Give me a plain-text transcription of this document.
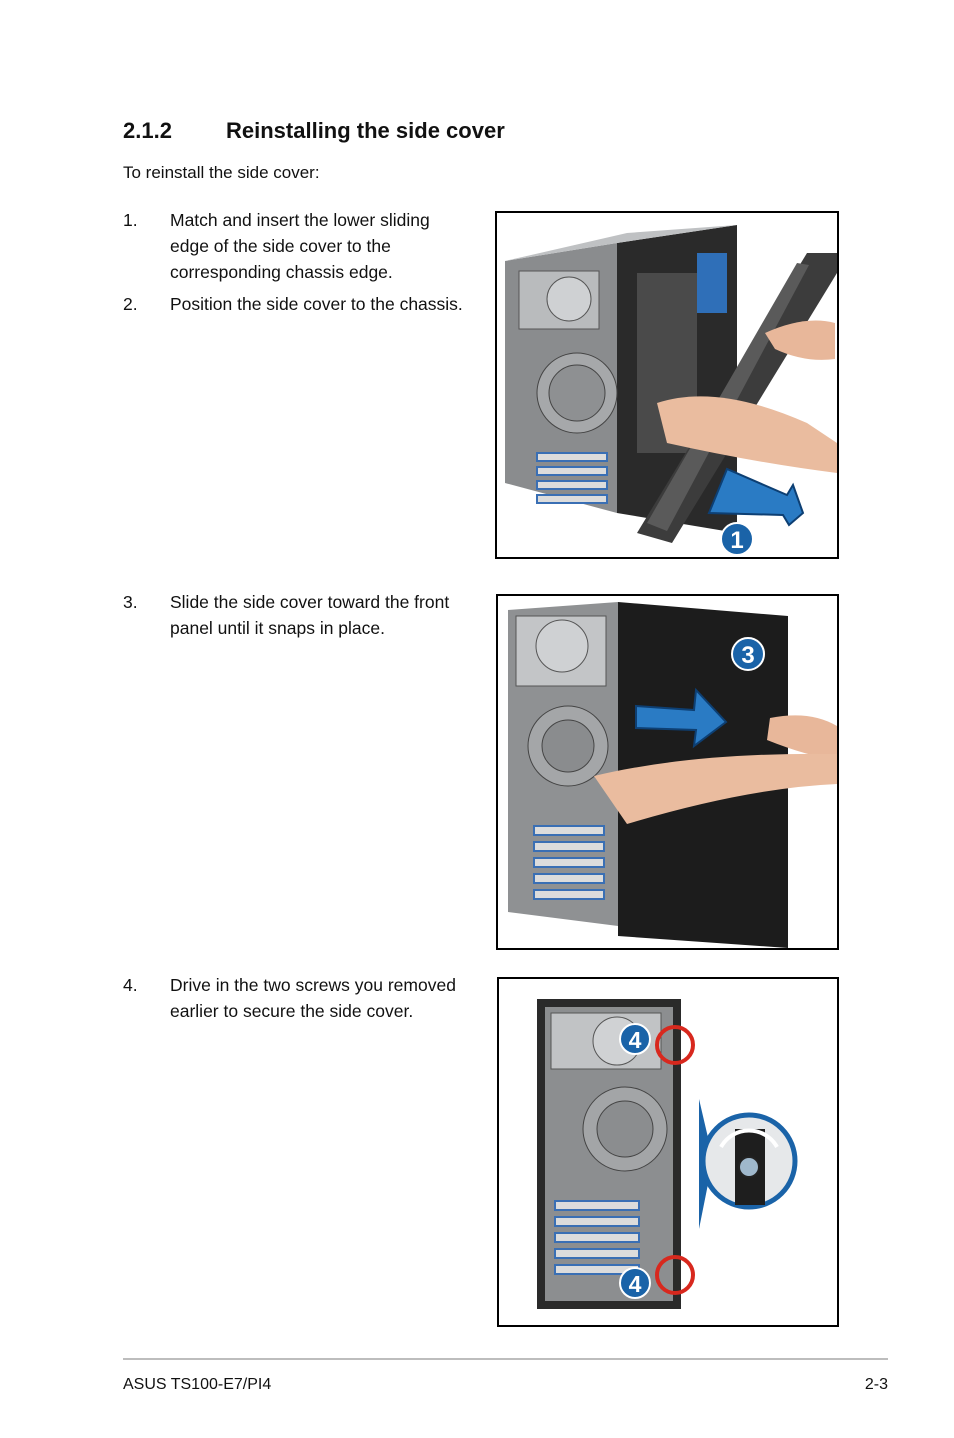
2.1.2 Reinstalling the side cover
To reinstall the side cover:
1. Match and insert the lower sliding edge of the side cover to the corresponding chassis edge.
2. Position the side cover to the chassis.
3. Slide the side cover toward the front panel until it snaps in place.
4. Drive in the two screws you removed earlier to secure the side cover.
1
3
4
4
ASUS TS100-E7/PI4	2-3
